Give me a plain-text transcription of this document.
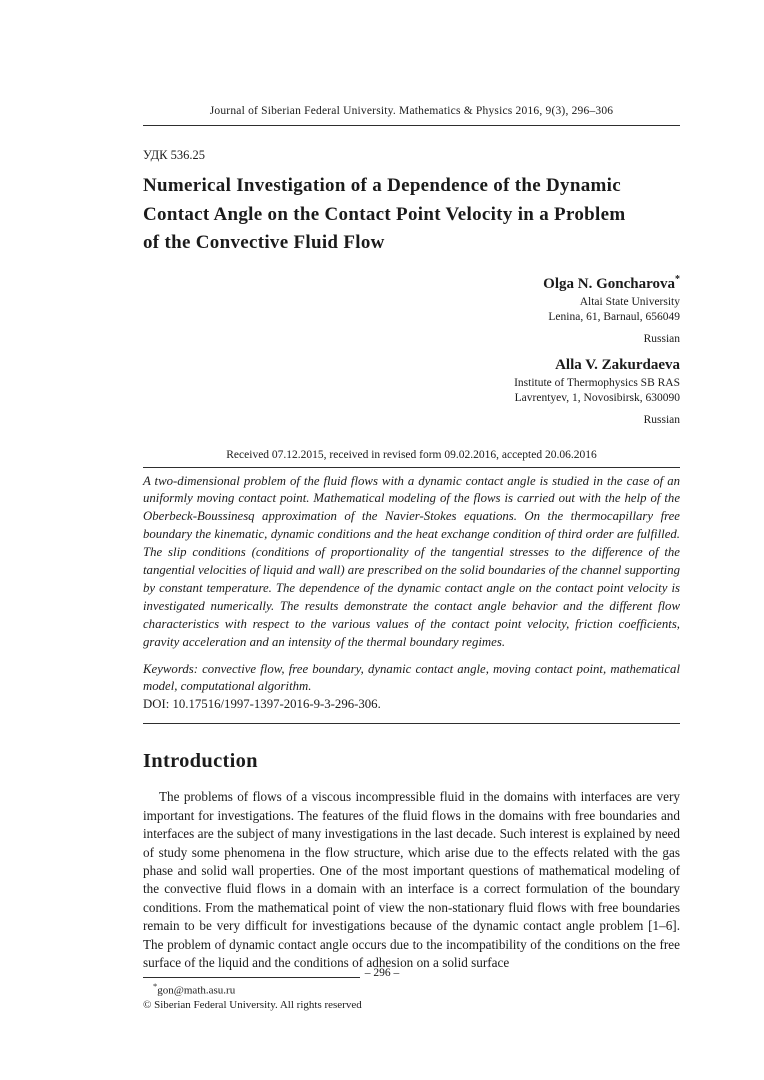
Journal of Siberian Federal University. Mathematics & Physics 2016, 9(3), 296–306
УДК 536.25
Numerical Investigation of a Dependence of the Dynamic
Contact Angle on the Contact Point Velocity in a Problem
of the Convective Fluid Flow
Olga N. Goncharova*
Altai State University
Lenina, 61, Barnaul, 656049
Russian
Alla V. Zakurdaeva
Institute of Thermophysics SB RAS
Lavrentyev, 1, Novosibirsk, 630090
Russian
Received 07.12.2015, received in revised form 09.02.2016, accepted 20.06.2016
A two-dimensional problem of the fluid flows with a dynamic contact angle is studied in the case of an uniformly moving contact point. Mathematical modeling of the flows is carried out with the help of the Oberbeck-Boussinesq approximation of the Navier-Stokes equations. On the thermocapillary free boundary the kinematic, dynamic conditions and the heat exchange condition of third order are fulfilled. The slip conditions (conditions of proportionality of the tangential stresses to the difference of the tangential velocities of liquid and wall) are prescribed on the solid boundaries of the channel supporting by constant temperature. The dependence of the dynamic contact angle on the contact point velocity is investigated numerically. The results demonstrate the contact angle behavior and the different flow characteristics with respect to the various values of the contact point velocity, friction coefficients, gravity acceleration and an intensity of the thermal boundary regimes.
Keywords: convective flow, free boundary, dynamic contact angle, moving contact point, mathematical model, computational algorithm.
DOI: 10.17516/1997-1397-2016-9-3-296-306.
Introduction
The problems of flows of a viscous incompressible fluid in the domains with interfaces are very important for investigations. The features of the fluid flows in the domains with free boundaries and interfaces are the subject of many investigations in the last decade. Such interest is explained by need of study some phenomena in the flow structure, which arise due to the effects related with the gas phase and solid wall properties. One of the most important questions of mathematical modeling of the convective fluid flows in a domain with an interface is a correct formulation of the boundary conditions. From the mathematical point of view the non-stationary fluid flows with free boundaries remain to be very difficult for investigations because of the dynamic contact angle problem [1–6]. The problem of dynamic contact angle occurs due to the incompatibility of the conditions on the free surface of the liquid and the conditions of adhesion on a solid surface
*gon@math.asu.ru
© Siberian Federal University. All rights reserved
– 296 –
